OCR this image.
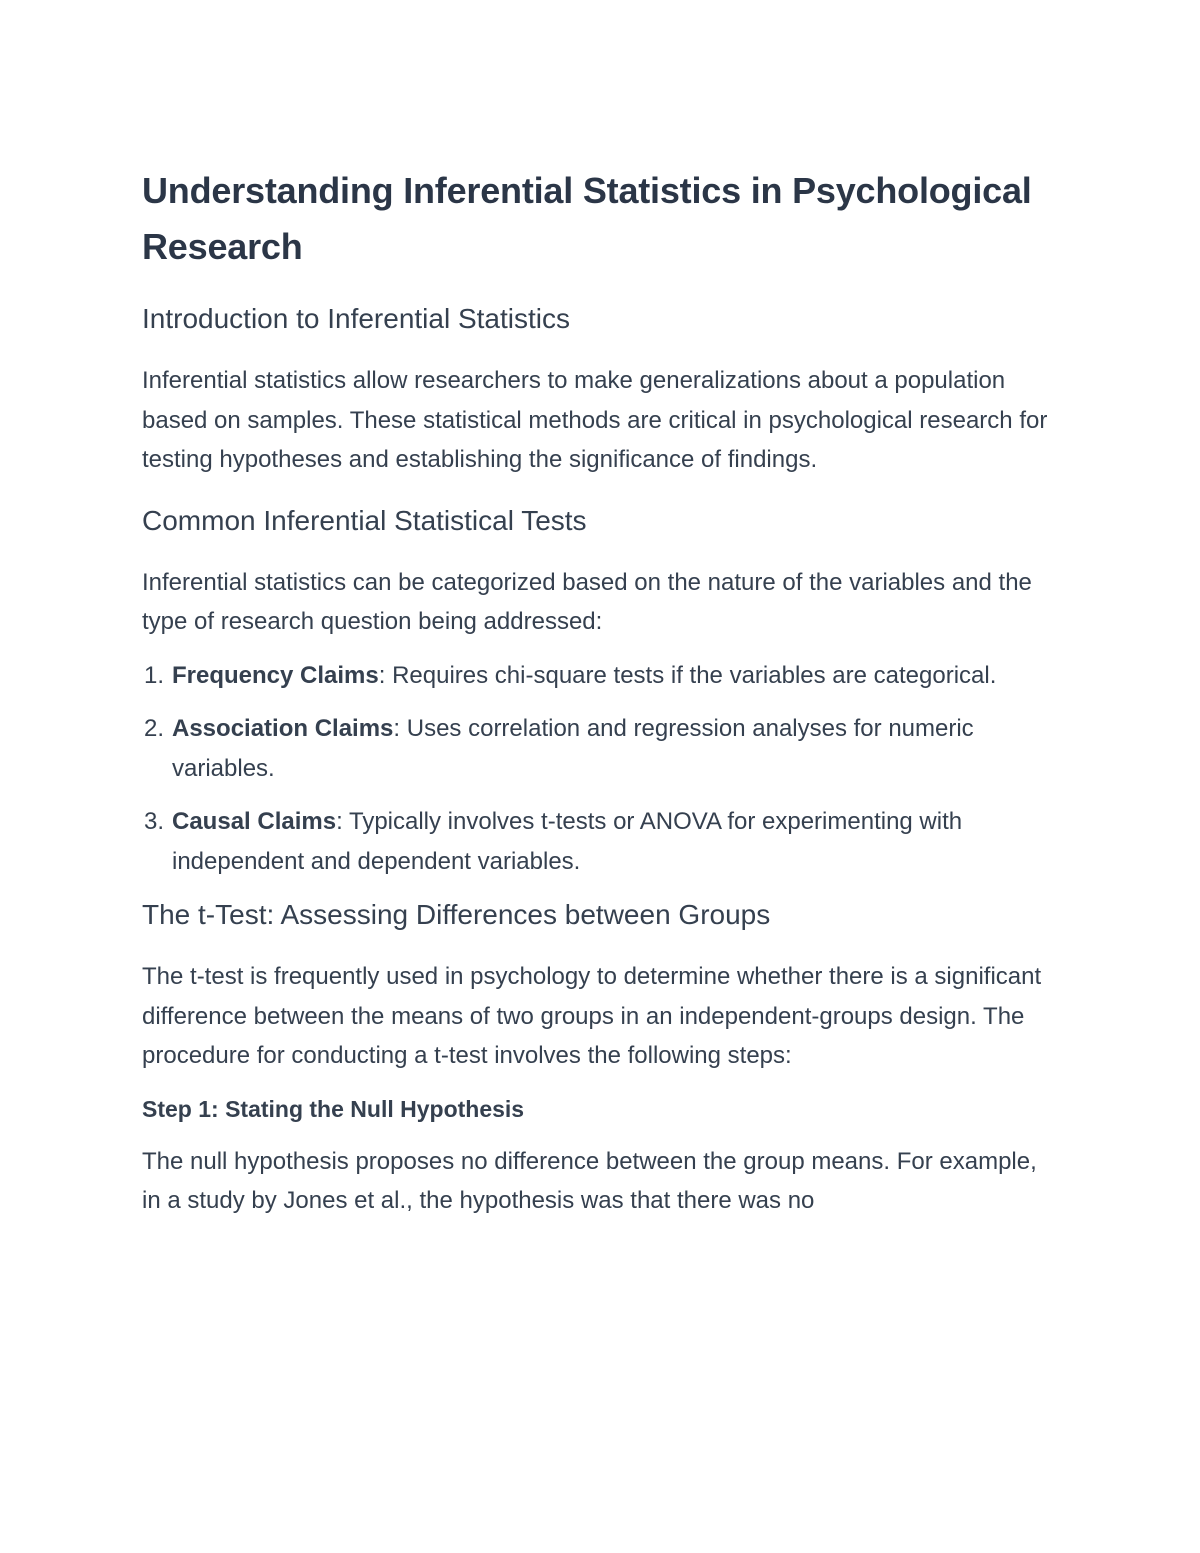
Understanding Inferential Statistics in Psychological Research
Introduction to Inferential Statistics

Inferential statistics allow researchers to make generalizations about a population based on samples. These statistical methods are critical in psychological research for testing hypotheses and establishing the significance of findings.

Common Inferential Statistical Tests

Inferential statistics can be categorized based on the nature of the variables and the type of research question being addressed:

1. Frequency Claims: Requires chi-square tests if the variables are categorical.
2. Association Claims: Uses correlation and regression analyses for numeric variables.
3. Causal Claims: Typically involves t-tests or ANOVA for experimenting with independent and dependent variables.
The t-Test: Assessing Differences between Groups

The t-test is frequently used in psychology to determine whether there is a significant difference between the means of two groups in an independent-groups design. The procedure for conducting a t-test involves the following steps:

Step 1: Stating the Null Hypothesis

The null hypothesis proposes no difference between the group means. For example, in a study by Jones et al., the hypothesis was that there was no
